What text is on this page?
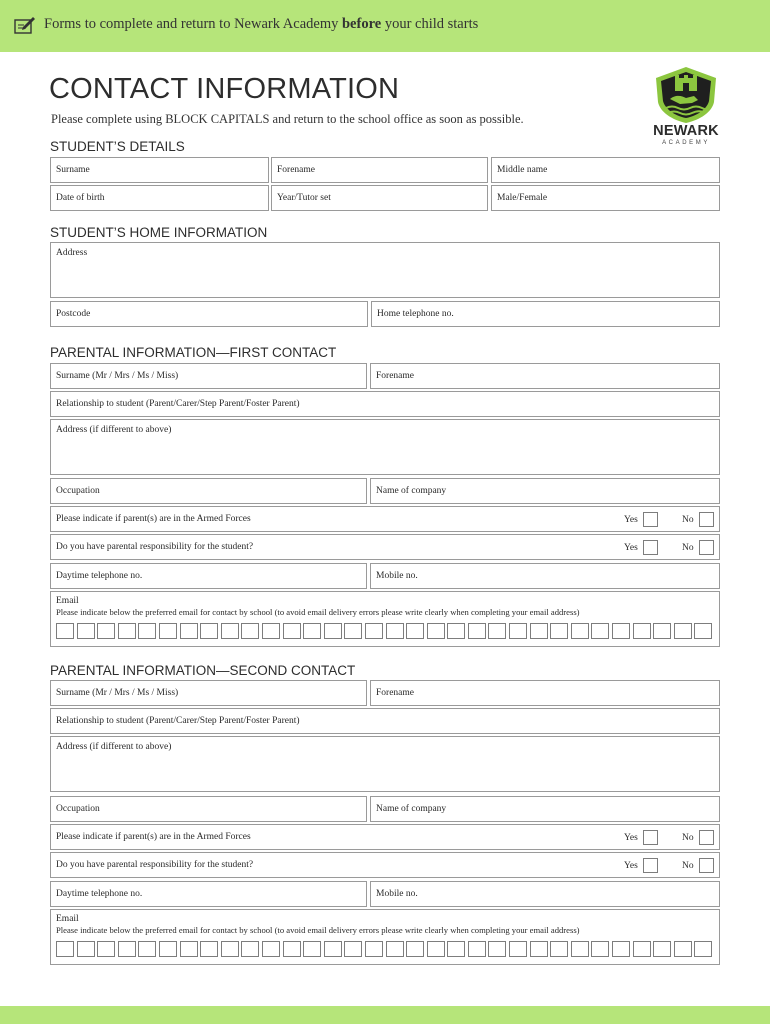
Forms to complete and return to Newark Academy before your child starts
CONTACT INFORMATION
Please complete using BLOCK CAPITALS and return to the school office as soon as possible.
NEWARK
ACADEMY
STUDENT’S DETAILS
Surname	Forename	Middle name
Date of birth	Year/Tutor set	Male/Female
STUDENT’S HOME INFORMATION
Address
Postcode	Home telephone no.
PARENTAL INFORMATION—FIRST CONTACT
Surname (Mr / Mrs / Ms / Miss)	Forename
Relationship to student (Parent/Carer/Step Parent/Foster Parent)
Address (if different to above)
Occupation	Name of company
Please indicate if parent(s) are in the Armed Forces	Yes	No
Do you have parental responsibility for the student?	Yes	No
Daytime telephone no.	Mobile no.
Email
Please indicate below the preferred email for contact by school (to avoid email delivery errors please write clearly when completing your email address)
PARENTAL INFORMATION—SECOND CONTACT
Surname (Mr / Mrs / Ms / Miss)	Forename
Relationship to student (Parent/Carer/Step Parent/Foster Parent)
Address (if different to above)
Occupation	Name of company
Please indicate if parent(s) are in the Armed Forces	Yes	No
Do you have parental responsibility for the student?	Yes	No
Daytime telephone no.	Mobile no.
Email
Please indicate below the preferred email for contact by school (to avoid email delivery errors please write clearly when completing your email address)
